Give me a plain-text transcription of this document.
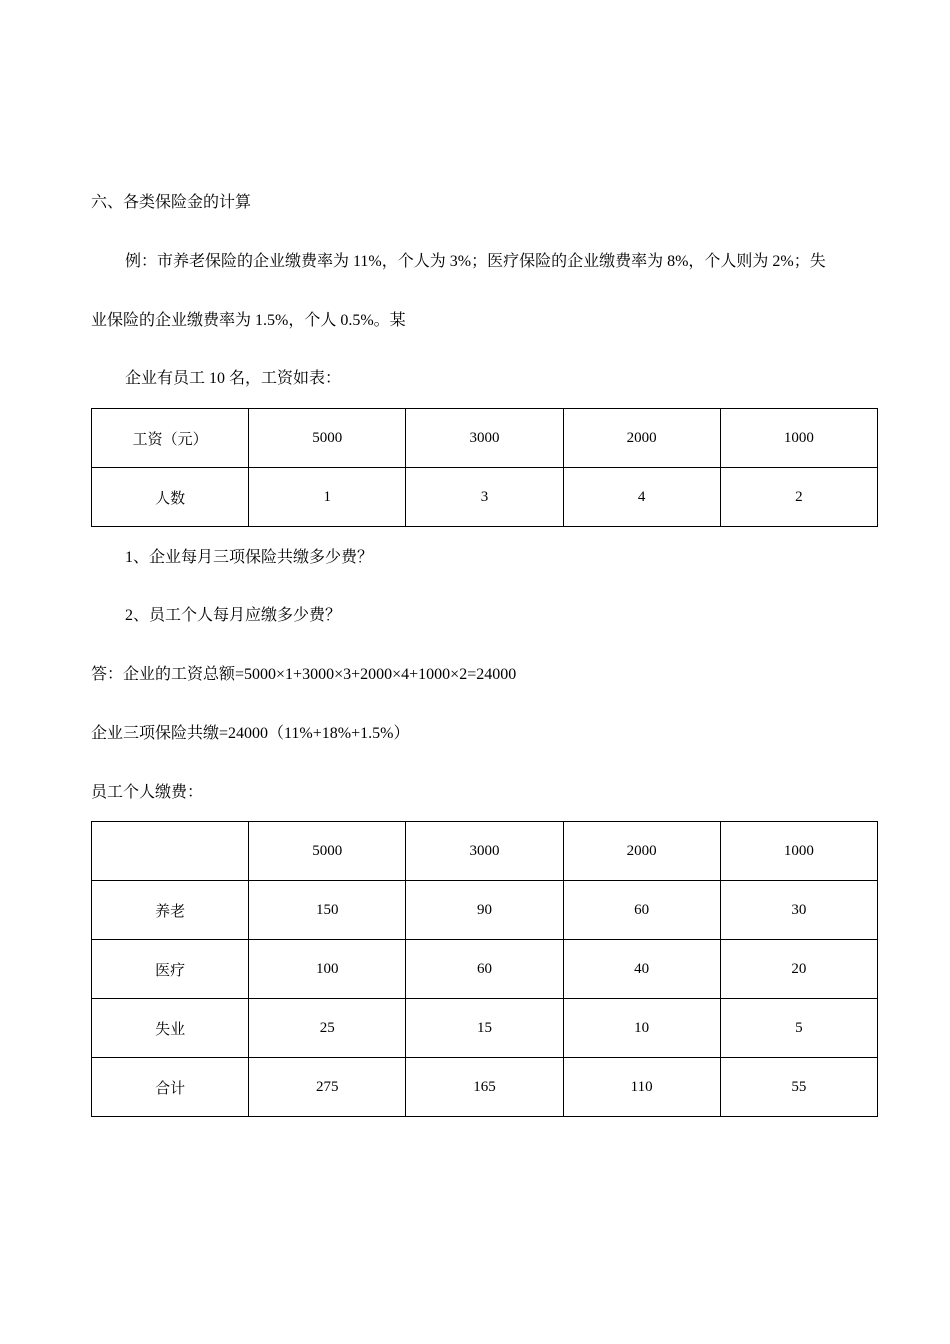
六、各类保险金的计算
例：市养老保险的企业缴费率为 11%，个人为 3%；医疗保险的企业缴费率为 8%，个人则为 2%；失
业保险的企业缴费率为 1.5%，个人 0.5%。某
企业有员工 10 名，工资如表：
工资（元）	5000	3000	2000	1000
人数	1	3	4	2
1、企业每月三项保险共缴多少费？
2、员工个人每月应缴多少费？
答：企业的工资总额=5000×1+3000×3+2000×4+1000×2=24000
企业三项保险共缴=24000（11%+18%+1.5%）
员工个人缴费：
	5000	3000	2000	1000
养老	150	90	60	30
医疗	100	60	40	20
失业	25	15	10	5
合计	275	165	110	55
